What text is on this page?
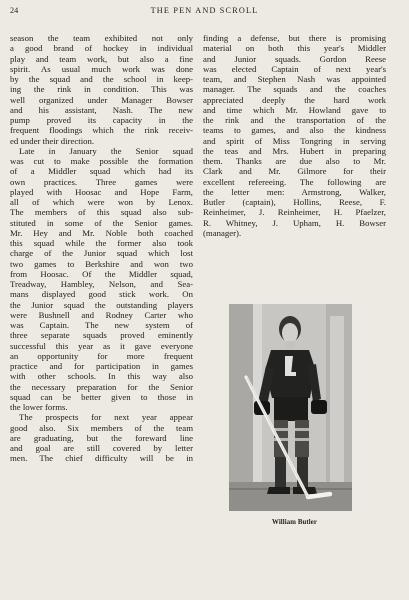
24	THE PEN AND SCROLL
season the team exhibited not only
a good brand of hockey in individual
play and team work, but also a fine
spirit. As usual much work was done
by the squad and the school in keep-
ing the rink in condition. This was
well organized under Manager Bowser
and his assistant, Nash. The new
pump proved its capacity in the
frequent floodings which the rink receiv-
ed under their direction.
Late in January the Senior squad
was cut to make possible the formation
of a Middler squad which had its
own practices. Three games were
played with Hoosac and Hope Farm,
all of which were won by Lenox.
The members of this squad also sub-
stituted in some of the Senior games.
Mr. Hey and Mr. Noble both coached
this squad while the former also took
charge of the Junior squad which lost
two games to Berkshire and won two
from Hoosac. Of the Middler squad,
Treadway, Hambley, Nelson, and Sea-
mans displayed good stick work. On
the Junior squad the outstanding players
were Bushnell and Rodney Carter who
was Captain. The new system of
three separate squads proved eminently
successful this year as it gave everyone
an opportunity for more frequent
practice and for participation in games
with other schools. In this way also
the necessary preparation for the Senior
squad can be better given to those in
the lower forms.
The prospects for next year appear
good also. Six members of the team
are graduating, but the foreward line
and goal are still covered by letter
men. The chief difficulty will be in
finding a defense, but there is promising
material on both this year's Middler
and Junior squads. Gordon Reese
was elected Captain of next year's
team, and Stephen Nash was appointed
manager. The squads and the coaches
appreciated deeply the hard work
and time which Mr. Howland gave to
the rink and the transportation of the
teams to games, and also the kindness
and spirit of Miss Tongring in serving
the teas and Mrs. Hubert in preparing
them. Thanks are due also to Mr.
Clark and Mr. Gilmore for their
excellent refereeing. The following are
the letter men: Armstrong, Walker,
Butler (captain), Hollins, Reese, F.
Reinheimer, J. Reinheimer, H. Pfaelzer,
R. Whitney, J. Upham, H. Bowser
(manager).
William Butler
